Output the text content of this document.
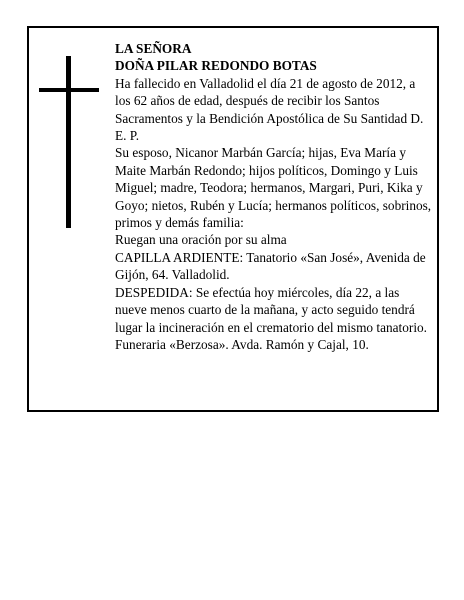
LA SEÑORA

DOÑA PILAR REDONDO BOTAS

Ha fallecido en Valladolid el día 21 de agosto de 2012, a los 62 años de edad, después de recibir los Santos Sacramentos y la Bendición Apostólica de Su Santidad D. E. P.

Su esposo, Nicanor Marbán García; hijas, Eva María y Maite Marbán Redondo; hijos políticos, Domingo y Luis Miguel; madre, Teodora; hermanos, Margari, Puri, Kika y Goyo; nietos, Rubén y Lucía; hermanos políticos, sobrinos, primos y demás familia:

Ruegan una oración por su alma

CAPILLA ARDIENTE: Tanatorio «San José», Avenida de Gijón, 64. Valladolid.

DESPEDIDA: Se efectúa hoy miércoles, día 22, a las nueve menos cuarto de la mañana, y acto seguido tendrá lugar la incineración en el crematorio del mismo tanatorio.

Funeraria «Berzosa». Avda. Ramón y Cajal, 10.
